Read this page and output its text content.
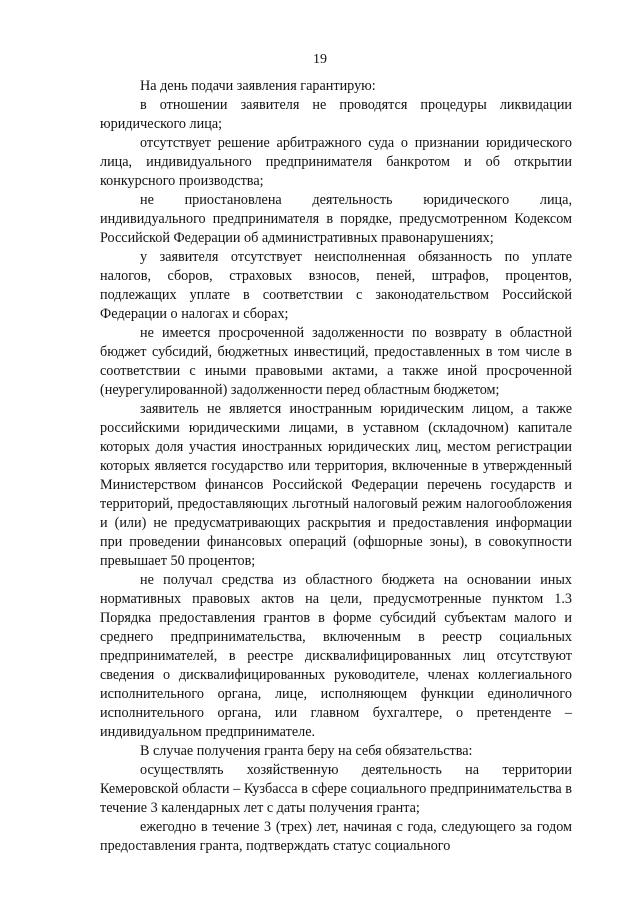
19

На день подачи заявления гарантирую:

в отношении заявителя не проводятся процедуры ликвидации юридического лица;

отсутствует решение арбитражного суда о признании юридического лица, индивидуального предпринимателя банкротом и об открытии конкурсного производства;

не приостановлена деятельность юридического лица, индивидуального предпринимателя в порядке, предусмотренном Кодексом Российской Федерации об административных правонарушениях;

у заявителя отсутствует неисполненная обязанность по уплате налогов, сборов, страховых взносов, пеней, штрафов, процентов, подлежащих уплате в соответствии с законодательством Российской Федерации о налогах и сборах;

не имеется просроченной задолженности по возврату в областной бюджет субсидий, бюджетных инвестиций, предоставленных в том числе в соответствии с иными правовыми актами, а также иной просроченной (неурегулированной) задолженности перед областным бюджетом;

заявитель не является иностранным юридическим лицом, а также российскими юридическими лицами, в уставном (складочном) капитале которых доля участия иностранных юридических лиц, местом регистрации которых является государство или территория, включенные в утвержденный Министерством финансов Российской Федерации перечень государств и территорий, предоставляющих льготный налоговый режим налогообложения и (или) не предусматривающих раскрытия и предоставления информации при проведении финансовых операций (офшорные зоны), в совокупности превышает 50 процентов;

не получал средства из областного бюджета на основании иных нормативных правовых актов на цели, предусмотренные пунктом 1.3 Порядка предоставления грантов в форме субсидий субъектам малого и среднего предпринимательства, включенным в реестр социальных предпринимателей, в реестре дисквалифицированных лиц отсутствуют сведения о дисквалифицированных руководителе, членах коллегиального исполнительного органа, лице, исполняющем функции единоличного исполнительного органа, или главном бухгалтере, о претенденте – индивидуальном предпринимателе.

В случае получения гранта беру на себя обязательства:

осуществлять хозяйственную деятельность на территории Кемеровской области – Кузбасса в сфере социального предпринимательства в течение 3 календарных лет с даты получения гранта;

ежегодно в течение 3 (трех) лет, начиная с года, следующего за годом предоставления гранта, подтверждать статус социального
